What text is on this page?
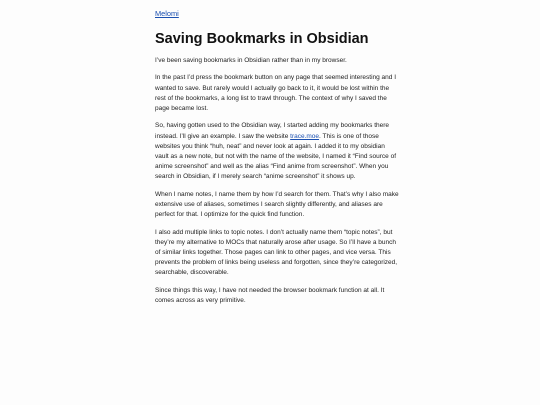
Melomi
Saving Bookmarks in Obsidian

I’ve been saving bookmarks in Obsidian rather than in my browser.

In the past I’d press the bookmark button on any page that seemed interesting and I wanted to save. But rarely would I actually go back to it, it would be lost within the rest of the bookmarks, a long list to trawl through. The context of why I saved the page became lost.

So, having gotten used to the Obsidian way, I started adding my bookmarks there instead. I’ll give an example. I saw the website trace.moe. This is one of those websites you think “huh, neat” and never look at again. I added it to my obsidian vault as a new note, but not with the name of the website, I named it “Find source of anime screenshot” and well as the alias “Find anime from screenshot”. When you search in Obsidian, if I merely search “anime screenshot” it shows up.

When I name notes, I name them by how I’d search for them. That’s why I also make extensive use of aliases, sometimes I search slightly differently, and aliases are perfect for that. I optimize for the quick find function.

I also add multiple links to topic notes. I don’t actually name them “topic notes”, but they’re my alternative to MOCs that naturally arose after usage. So I’ll have a bunch of similar links together. Those pages can link to other pages, and vice versa. This prevents the problem of links being useless and forgotten, since they’re categorized, searchable, discoverable.

Since things this way, I have not needed the browser bookmark function at all. It comes across as very primitive.
